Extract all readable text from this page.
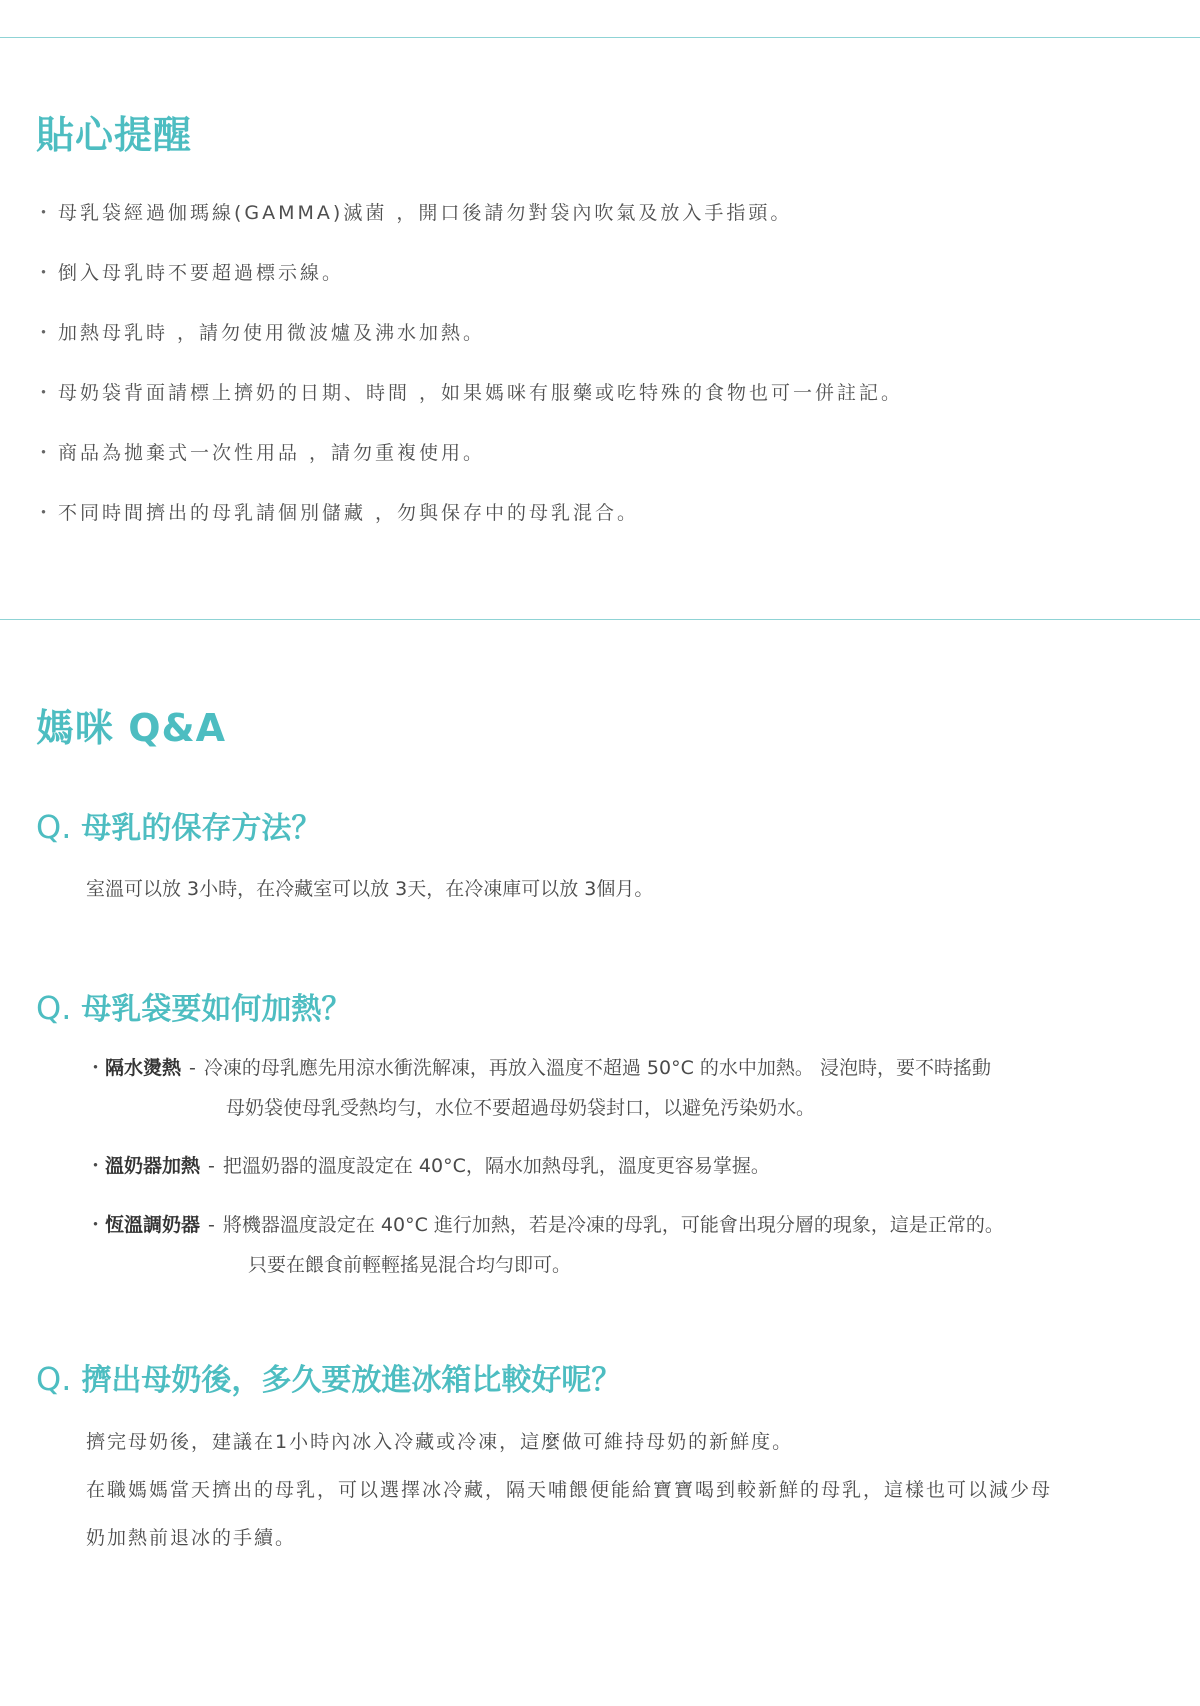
貼心提醒
・ 母乳袋經過伽瑪線(GAMMA)滅菌 ，開口後請勿對袋內吹氣及放入手指頭。
・ 倒入母乳時不要超過標示線。
・ 加熱母乳時 ，請勿使用微波爐及沸水加熱。
・ 母奶袋背面請標上擠奶的日期、時間 ，如果媽咪有服藥或吃特殊的食物也可一併註記。
・ 商品為拋棄式一次性用品 ，請勿重複使用。
・ 不同時間擠出的母乳請個別儲藏 ，勿與保存中的母乳混合。
媽咪 Q&A
Q. 母乳的保存方法？
室溫可以放 3小時，在冷藏室可以放 3天，在冷凍庫可以放 3個月。
Q. 母乳袋要如何加熱？
・隔水燙熱 - 冷凍的母乳應先用涼水衝洗解凍，再放入溫度不超過 50°C 的水中加熱。 浸泡時，要不時搖動
母奶袋使母乳受熱均勻，水位不要超過母奶袋封口，以避免汚染奶水。
・溫奶器加熱 - 把溫奶器的溫度設定在 40°C，隔水加熱母乳，溫度更容易掌握。
・恆溫調奶器 - 將機器溫度設定在 40°C 進行加熱，若是冷凍的母乳，可能會出現分層的現象，這是正常的。
只要在餵食前輕輕搖晃混合均勻即可。
Q. 擠出母奶後，多久要放進冰箱比較好呢？
擠完母奶後，建議在1小時內冰入冷藏或冷凍，這麼做可維持母奶的新鮮度。
在職媽媽當天擠出的母乳，可以選擇冰冷藏，隔天哺餵便能給寶寶喝到較新鮮的母乳，這樣也可以減少母
奶加熱前退冰的手續。
